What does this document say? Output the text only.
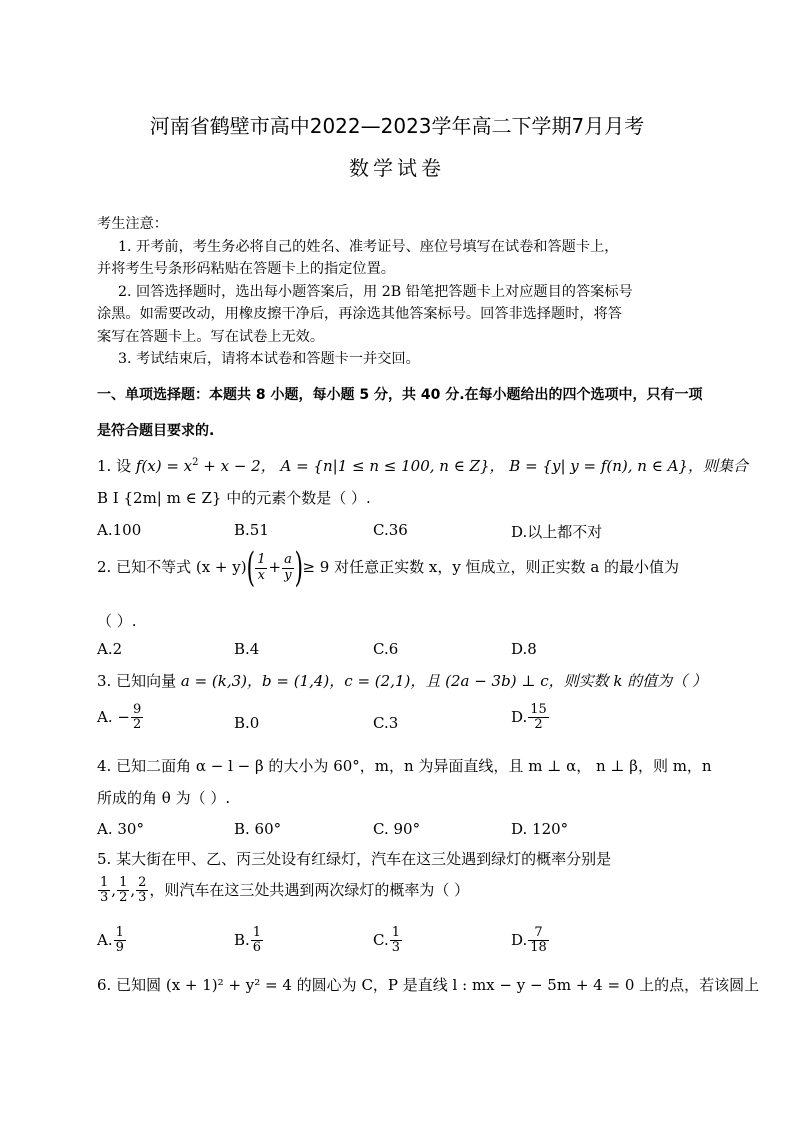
河南省鹤壁市高中2022—2023学年高二下学期7月月考
数学试卷
考生注意：
1. 开考前，考生务必将自己的姓名、准考证号、座位号填写在试卷和答题卡上，
并将考生号条形码粘贴在答题卡上的指定位置。
2. 回答选择题时，选出每小题答案后，用 2B 铅笔把答题卡上对应题目的答案标号
涂黑。如需要改动，用橡皮擦干净后，再涂选其他答案标号。回答非选择题时，将答
案写在答题卡上。写在试卷上无效。
3. 考试结束后，请将本试卷和答题卡一并交回。
一、单项选择题：本题共 8 小题，每小题 5 分，共 40 分.在每小题给出的四个选项中，只有一项
是符合题目要求的.
1. 设 $f(x) = x^2 + x - 2$， A = {n|1 ≤ n ≤ 100, n ∈ Z}， B = {y| y = f(n), n ∈ A}，则集合
B I {2m| m ∈ Z} 中的元素个数是（ ）.
A.100	B.51	C.36	D.以上都不对
2. 已知不等式 $(x + y)( \frac{1}{x} + \frac{a}{y}$ )≥ 9 对任意正实数 x，y 恒成立，则正实数 a 的最小值为
（ ）.
A.2	B.4	C.6	D.8
3. 已知向量 a = (k,3)，b = (1,4)，c = (2,1)，且 (2a − 3b) ⊥ c，则实数 k 的值为（ ）
A. − $\frac{9}{2}$	B.0	C.3	D. $\frac{15}{2}$
4. 已知二面角 α − l − β 的大小为 60°，m，n 为异面直线，且 m ⊥ α， n ⊥ β，则 m，n
所成的角 θ 为（ ）.
A. 30°	B. 60°	C. 90°	D. 120°
5. 某大街在甲、乙、丙三处设有红绿灯，汽车在这三处遇到绿灯的概率分别是
$\frac{1}{3}$ , $\frac{1}{2}$ , $\frac{2}{3}$ ，则汽车在这三处共遇到两次绿灯的概率为（ ）
A. $\frac{1}{9}$	B. $\frac{1}{6}$	C. $\frac{1}{3}$	D. $\frac{7}{18}$
6. 已知圆 (x + 1)² + y² = 4 的圆心为 C，P 是直线 l : mx − y − 5m + 4 = 0 上的点，若该圆上
